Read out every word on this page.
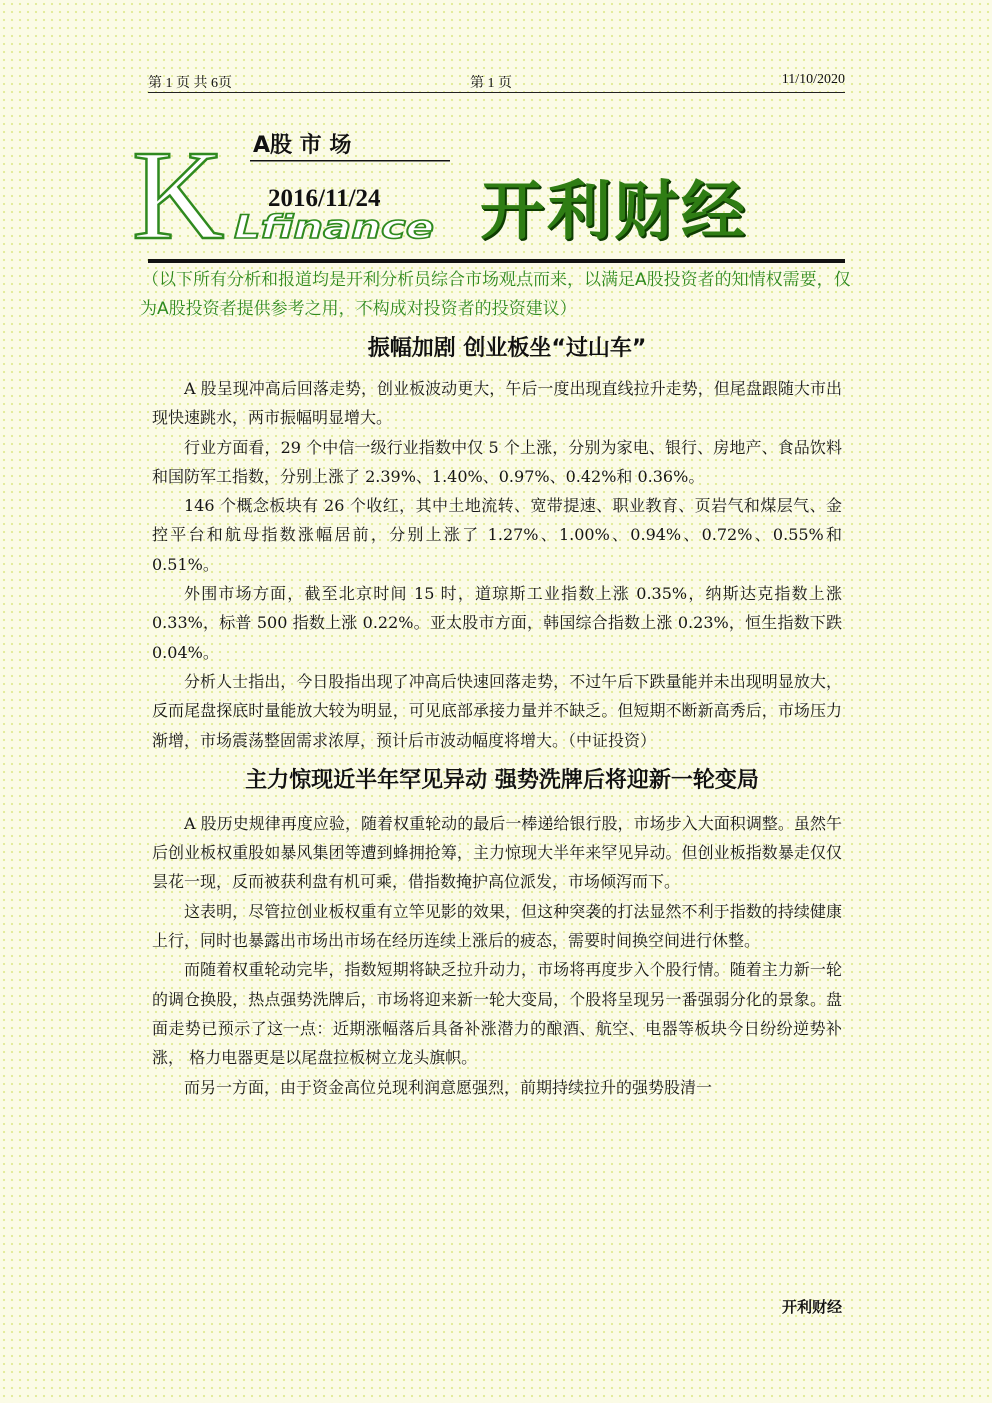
第 1 页 共 6页	第 1 页	11/10/2020
K A股 市 场
2016/11/24
Lfinance 开利财经

（以下所有分析和报道均是开利分析员综合市场观点而来，以满足A股投资者的知情权需要，仅为A股投资者提供参考之用，不构成对投资者的投资建议）

振幅加剧 创业板坐“过山车”

A 股呈现冲高后回落走势，创业板波动更大，午后一度出现直线拉升走势，但尾盘跟随大市出现快速跳水，两市振幅明显增大。

行业方面看，29 个中信一级行业指数中仅 5 个上涨，分别为家电、银行、房地产、食品饮料和国防军工指数，分别上涨了 2.39%、1.40%、0.97%、0.42%和 0.36%。

146 个概念板块有 26 个收红，其中土地流转、宽带提速、职业教育、页岩气和煤层气、金控平台和航母指数涨幅居前，分别上涨了 1.27%、1.00%、0.94%、0.72%、0.55%和 0.51%。

外围市场方面，截至北京时间 15 时，道琼斯工业指数上涨 0.35%，纳斯达克指数上涨 0.33%，标普 500 指数上涨 0.22%。亚太股市方面，韩国综合指数上涨 0.23%，恒生指数下跌 0.04%。

分析人士指出，今日股指出现了冲高后快速回落走势，不过午后下跌量能并未出现明显放大，反而尾盘探底时量能放大较为明显，可见底部承接力量并不缺乏。但短期不断新高秀后，市场压力渐增，市场震荡整固需求浓厚，预计后市波动幅度将增大。（中证投资）

主力惊现近半年罕见异动 强势洗牌后将迎新一轮变局

A 股历史规律再度应验，随着权重轮动的最后一棒递给银行股，市场步入大面积调整。虽然午后创业板权重股如暴风集团等遭到蜂拥抢筹，主力惊现大半年来罕见异动。但创业板指数暴走仅仅昙花一现，反而被获利盘有机可乘，借指数掩护高位派发，市场倾泻而下。

这表明，尽管拉创业板权重有立竿见影的效果，但这种突袭的打法显然不利于指数的持续健康上行，同时也暴露出市场出市场在经历连续上涨后的疲态，需要时间换空间进行休整。

而随着权重轮动完毕，指数短期将缺乏拉升动力，市场将再度步入个股行情。随着主力新一轮的调仓换股，热点强势洗牌后，市场将迎来新一轮大变局，个股将呈现另一番强弱分化的景象。盘面走势已预示了这一点：近期涨幅落后具备补涨潜力的酿酒、航空、电器等板块今日纷纷逆势补涨， 格力电器更是以尾盘拉板树立龙头旗帜。

而另一方面，由于资金高位兑现利润意愿强烈，前期持续拉升的强势股清一

开利财经
